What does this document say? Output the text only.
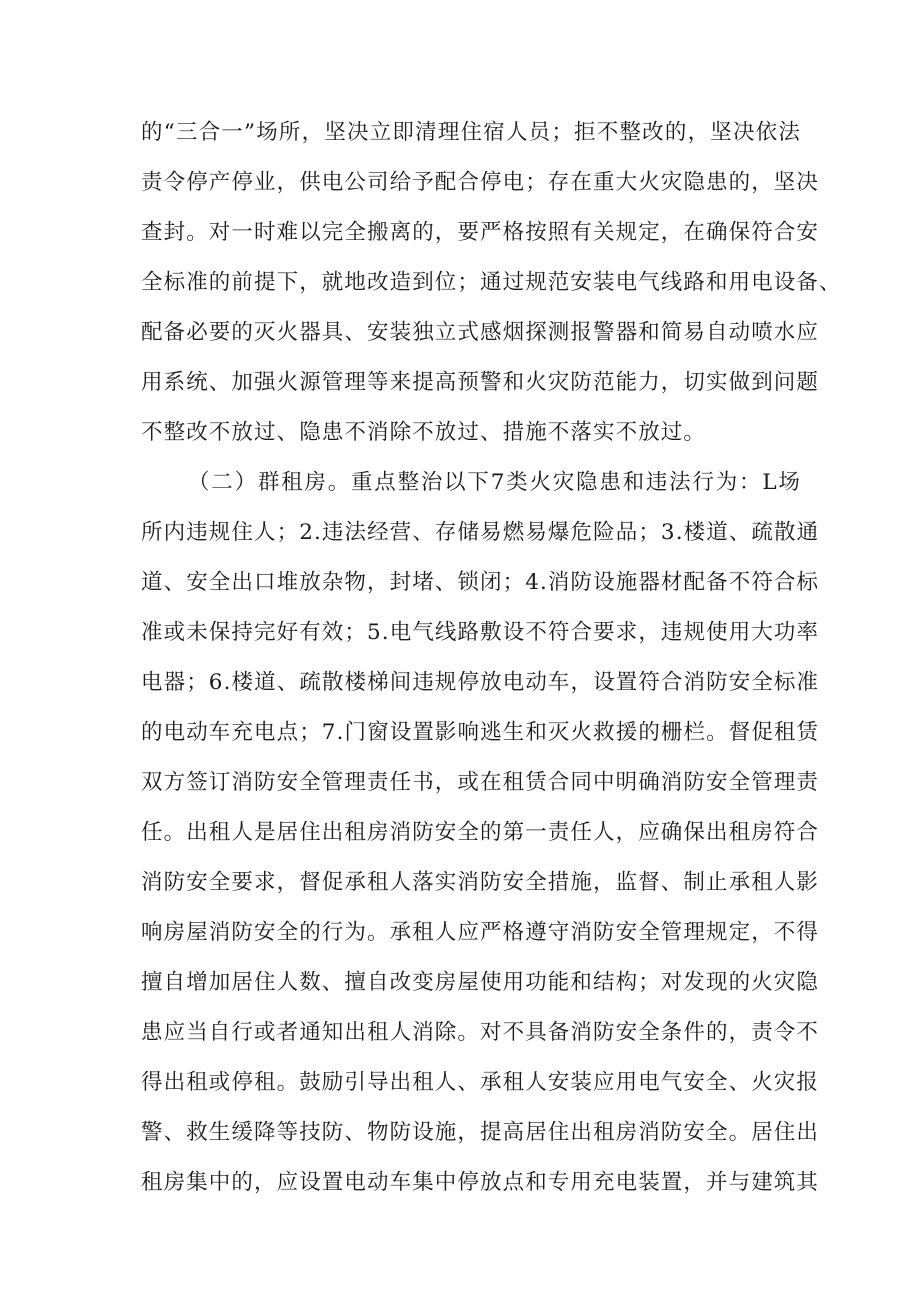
的“三合一”场所，坚决立即清理住宿人员；拒不整改的，坚决依法
责令停产停业，供电公司给予配合停电；存在重大火灾隐患的，坚决
查封。对一时难以完全搬离的，要严格按照有关规定，在确保符合安
全标准的前提下，就地改造到位；通过规范安装电气线路和用电设备、
配备必要的灭火器具、安装独立式感烟探测报警器和简易自动喷水应
用系统、加强火源管理等来提高预警和火灾防范能力，切实做到问题
不整改不放过、隐患不消除不放过、措施不落实不放过。
（二）群租房。重点整治以下7类火灾隐患和违法行为：L场
所内违规住人；2.违法经营、存储易燃易爆危险品；3.楼道、疏散通
道、安全出口堆放杂物，封堵、锁闭；4.消防设施器材配备不符合标
准或未保持完好有效；5.电气线路敷设不符合要求，违规使用大功率
电器；6.楼道、疏散楼梯间违规停放电动车，设置符合消防安全标准
的电动车充电点；7.门窗设置影响逃生和灭火救援的栅栏。督促租赁
双方签订消防安全管理责任书，或在租赁合同中明确消防安全管理责
任。出租人是居住出租房消防安全的第一责任人，应确保出租房符合
消防安全要求，督促承租人落实消防安全措施，监督、制止承租人影
响房屋消防安全的行为。承租人应严格遵守消防安全管理规定，不得
擅自增加居住人数、擅自改变房屋使用功能和结构；对发现的火灾隐
患应当自行或者通知出租人消除。对不具备消防安全条件的，责令不
得出租或停租。鼓励引导出租人、承租人安装应用电气安全、火灾报
警、救生缓降等技防、物防设施，提高居住出租房消防安全。居住出
租房集中的，应设置电动车集中停放点和专用充电装置，并与建筑其
